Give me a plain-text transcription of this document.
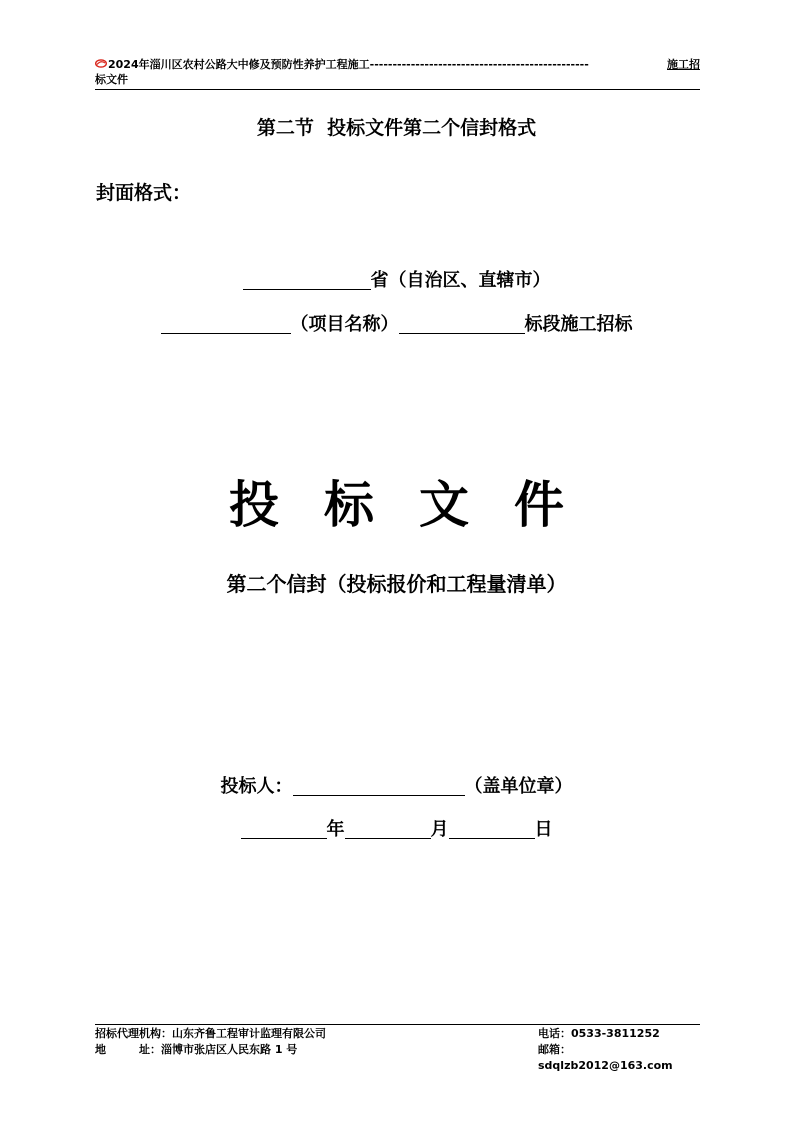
2024年淄川区农村公路大中修及预防性养护工程施工 ------------------------------------------------	施工招
标文件
第二节  投标文件第二个信封格式
封面格式：
省（自治区、直辖市）
（项目名称）	标段施工招标
投标文件
第二个信封（投标报价和工程量清单）
投标人：	（盖单位章）
年	月	日
招标代理机构：山东齐鲁工程审计监理有限公司	电话：0533-3811252
地　　　址：淄博市张店区人民东路 1 号	邮箱：sdqlzb2012@163.com
